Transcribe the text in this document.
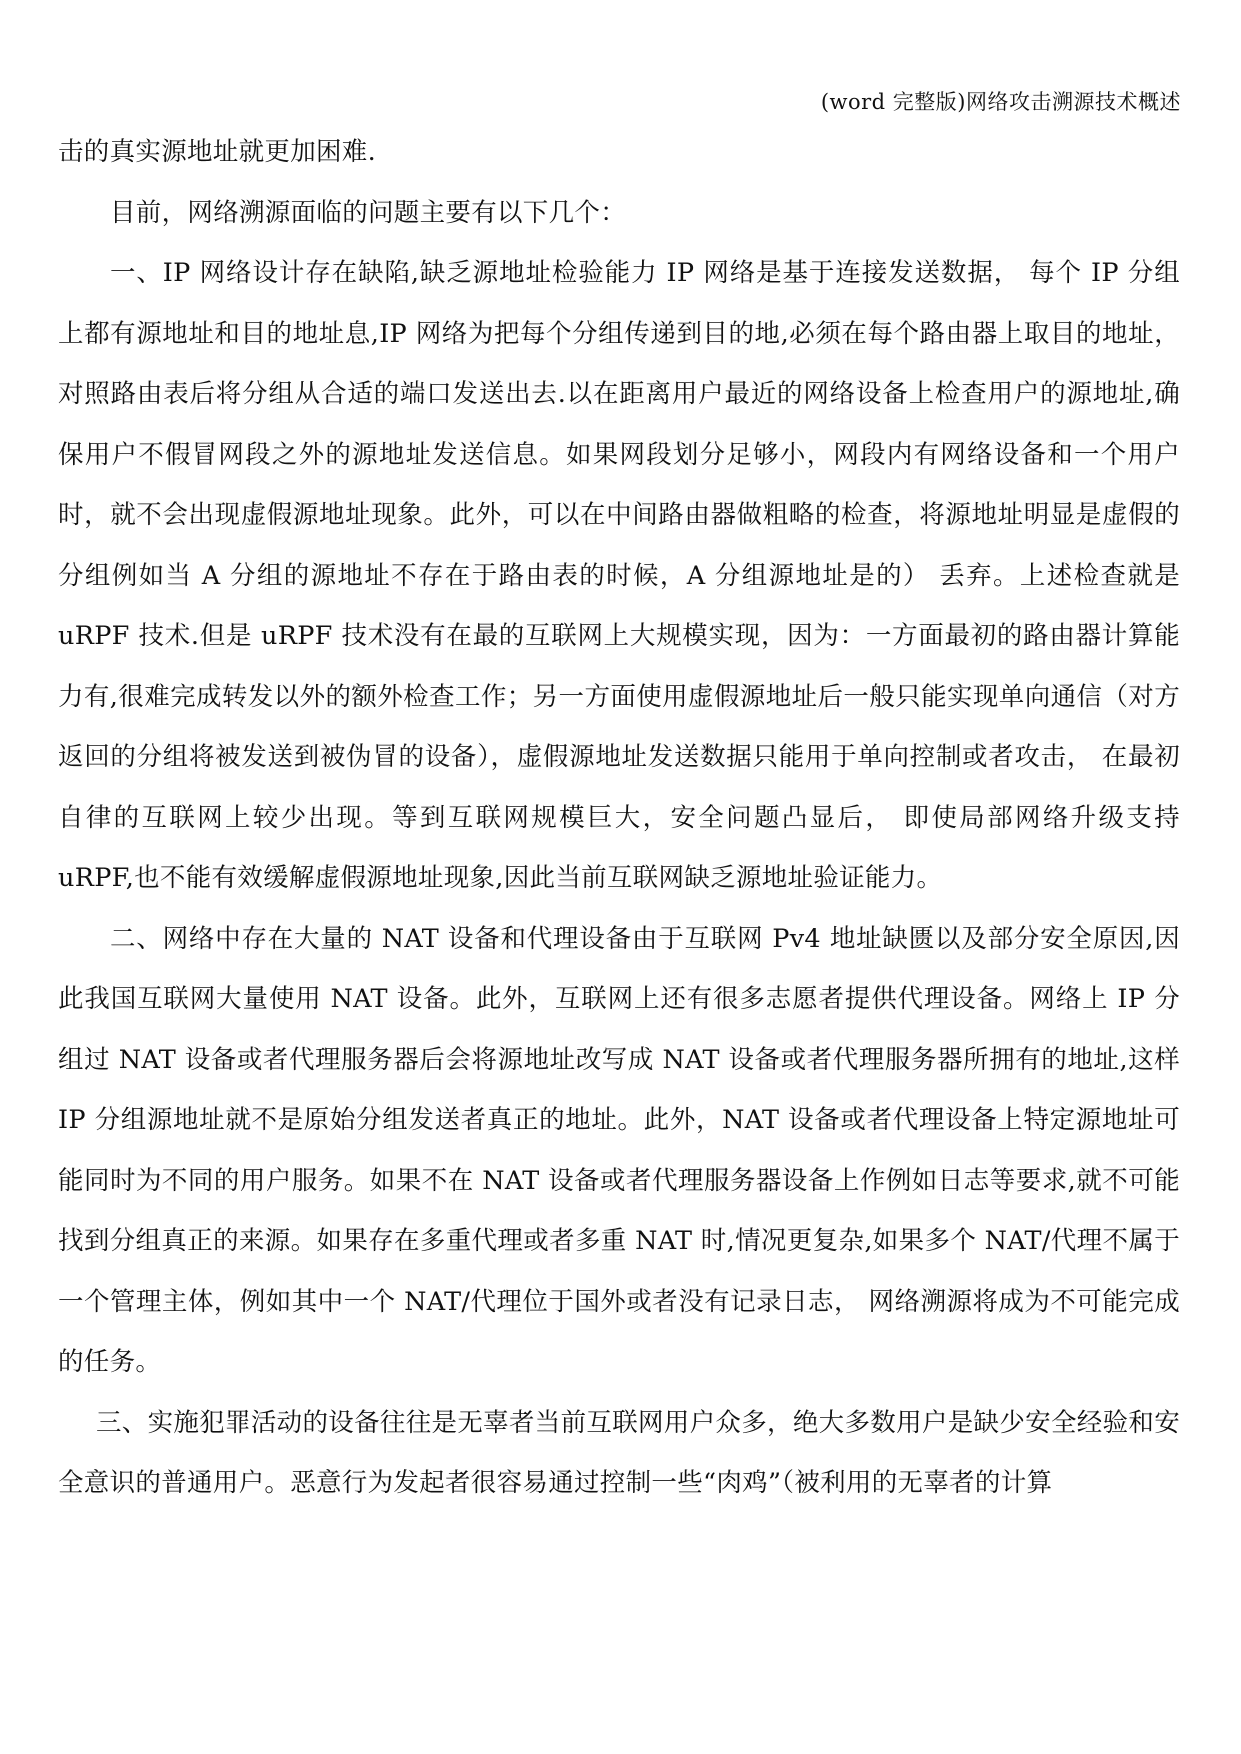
(word 完整版)网络攻击溯源技术概述

击的真实源地址就更加困难.

目前，网络溯源面临的问题主要有以下几个：

一、IP 网络设计存在缺陷,缺乏源地址检验能力 IP 网络是基于连接发送数据， 每个 IP 分组上都有源地址和目的地址息,IP 网络为把每个分组传递到目的地,必须在每个路由器上取目的地址，对照路由表后将分组从合适的端口发送出去.以在距离用户最近的网络设备上检查用户的源地址,确保用户不假冒网段之外的源地址发送信息。如果网段划分足够小，网段内有网络设备和一个用户时，就不会出现虚假源地址现象。此外，可以在中间路由器做粗略的检查，将源地址明显是虚假的分组例如当 A 分组的源地址不存在于路由表的时候，A 分组源地址是的） 丢弃。上述检查就是 uRPF 技术.但是 uRPF 技术没有在最的互联网上大规模实现，因为：一方面最初的路由器计算能力有,很难完成转发以外的额外检查工作；另一方面使用虚假源地址后一般只能实现单向通信（对方返回的分组将被发送到被伪冒的设备），虚假源地址发送数据只能用于单向控制或者攻击， 在最初自律的互联网上较少出现。等到互联网规模巨大，安全问题凸显后， 即使局部网络升级支持 uRPF,也不能有效缓解虚假源地址现象,因此当前互联网缺乏源地址验证能力。

二、网络中存在大量的 NAT 设备和代理设备由于互联网 Pv4 地址缺匮以及部分安全原因,因此我国互联网大量使用 NAT 设备。此外，互联网上还有很多志愿者提供代理设备。网络上 IP 分组过 NAT 设备或者代理服务器后会将源地址改写成 NAT 设备或者代理服务器所拥有的地址,这样 IP 分组源地址就不是原始分组发送者真正的地址。此外，NAT 设备或者代理设备上特定源地址可能同时为不同的用户服务。如果不在 NAT 设备或者代理服务器设备上作例如日志等要求,就不可能找到分组真正的来源。如果存在多重代理或者多重 NAT 时,情况更复杂,如果多个 NAT/代理不属于一个管理主体，例如其中一个 NAT/代理位于国外或者没有记录日志， 网络溯源将成为不可能完成的任务。

三、实施犯罪活动的设备往往是无辜者当前互联网用户众多，绝大多数用户是缺少安全经验和安全意识的普通用户。恶意行为发起者很容易通过控制一些“肉鸡”（被利用的无辜者的计算
